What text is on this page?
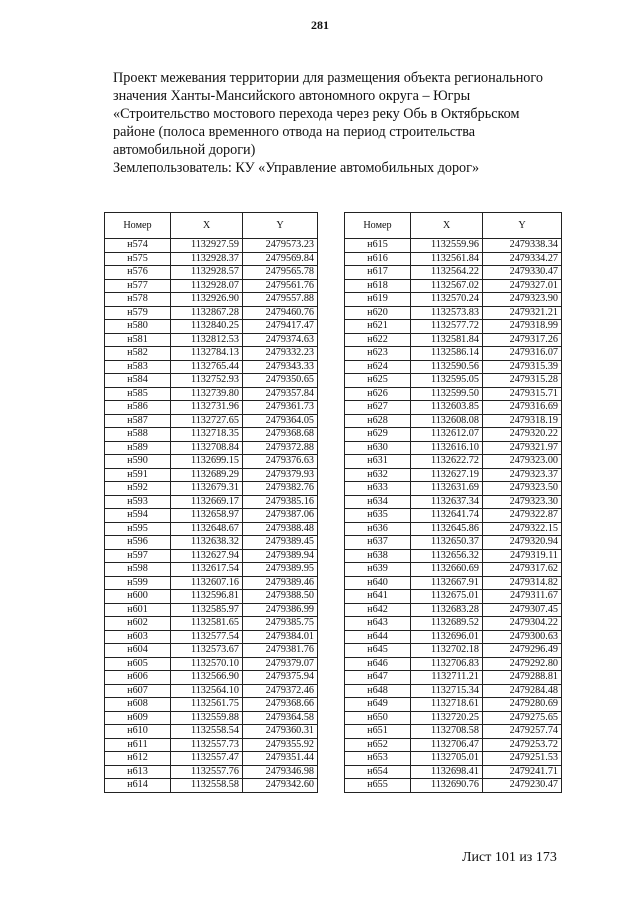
281
Проект межевания территории для размещения объекта регионального
значения Ханты-Мансийского автономного округа – Югры
«Строительство мостового перехода через реку Обь в Октябрьском
районе (полоса временного отвода на период строительства
автомобильной дороги)
Землепользователь: КУ «Управление автомобильных дорог»
Номер	X	Y
н574	1132927.59	2479573.23
н575	1132928.37	2479569.84
н576	1132928.57	2479565.78
н577	1132928.07	2479561.76
н578	1132926.90	2479557.88
н579	1132867.28	2479460.76
н580	1132840.25	2479417.47
н581	1132812.53	2479374.63
н582	1132784.13	2479332.23
н583	1132765.44	2479343.33
н584	1132752.93	2479350.65
н585	1132739.80	2479357.84
н586	1132731.96	2479361.73
н587	1132727.65	2479364.05
н588	1132718.35	2479368.68
н589	1132708.84	2479372.88
н590	1132699.15	2479376.63
н591	1132689.29	2479379.93
н592	1132679.31	2479382.76
н593	1132669.17	2479385.16
н594	1132658.97	2479387.06
н595	1132648.67	2479388.48
н596	1132638.32	2479389.45
н597	1132627.94	2479389.94
н598	1132617.54	2479389.95
н599	1132607.16	2479389.46
н600	1132596.81	2479388.50
н601	1132585.97	2479386.99
н602	1132581.65	2479385.75
н603	1132577.54	2479384.01
н604	1132573.67	2479381.76
н605	1132570.10	2479379.07
н606	1132566.90	2479375.94
н607	1132564.10	2479372.46
н608	1132561.75	2479368.66
н609	1132559.88	2479364.58
н610	1132558.54	2479360.31
н611	1132557.73	2479355.92
н612	1132557.47	2479351.44
н613	1132557.76	2479346.98
н614	1132558.58	2479342.60
Номер	X	Y
н615	1132559.96	2479338.34
н616	1132561.84	2479334.27
н617	1132564.22	2479330.47
н618	1132567.02	2479327.01
н619	1132570.24	2479323.90
н620	1132573.83	2479321.21
н621	1132577.72	2479318.99
н622	1132581.84	2479317.26
н623	1132586.14	2479316.07
н624	1132590.56	2479315.39
н625	1132595.05	2479315.28
н626	1132599.50	2479315.71
н627	1132603.85	2479316.69
н628	1132608.08	2479318.19
н629	1132612.07	2479320.22
н630	1132616.10	2479321.97
н631	1132622.72	2479323.00
н632	1132627.19	2479323.37
н633	1132631.69	2479323.50
н634	1132637.34	2479323.30
н635	1132641.74	2479322.87
н636	1132645.86	2479322.15
н637	1132650.37	2479320.94
н638	1132656.32	2479319.11
н639	1132660.69	2479317.62
н640	1132667.91	2479314.82
н641	1132675.01	2479311.67
н642	1132683.28	2479307.45
н643	1132689.52	2479304.22
н644	1132696.01	2479300.63
н645	1132702.18	2479296.49
н646	1132706.83	2479292.80
н647	1132711.21	2479288.81
н648	1132715.34	2479284.48
н649	1132718.61	2479280.69
н650	1132720.25	2479275.65
н651	1132708.58	2479257.74
н652	1132706.47	2479253.72
н653	1132705.01	2479251.53
н654	1132698.41	2479241.71
н655	1132690.76	2479230.47
Лист 101 из 173
